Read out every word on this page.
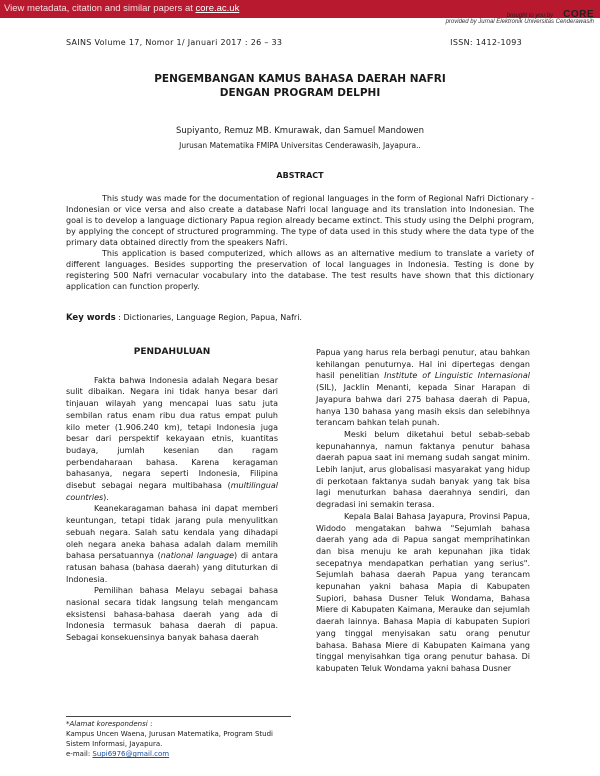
View metadata, citation and similar papers at core.ac.uk
brought to you by CORE
provided by Jurnal Elektronik Universitas Cenderawasih
SAINS Volume 17, Nomor 1/ Januari 2017 : 26 – 33	ISSN: 1412-1093
PENGEMBANGAN KAMUS BAHASA DAERAH NAFRI
DENGAN PROGRAM DELPHI
Supiyanto, Remuz MB. Kmurawak, dan Samuel Mandowen
Jurusan Matematika FMIPA Universitas Cenderawasih, Jayapura..
ABSTRACT

This study was made for the documentation of regional languages in the form of Regional Nafri Dictionary - Indonesian or vice versa and also create a database Nafri local language and its translation into Indonesian. The goal is to develop a language dictionary Papua region already became extinct. This study using the Delphi program, by applying the concept of structured programming. The type of data used in this study where the data type of the primary data obtained directly from the speakers Nafri.

This application is based computerized, which allows as an alternative medium to translate a variety of different languages. Besides supporting the preservation of local languages in Indonesia. Testing is done by registering 500 Nafri vernacular vocabulary into the database. The test results have shown that this dictionary application can function properly.

Key words : Dictionaries, Language Region, Papua, Nafri.
PENDAHULUAN

Fakta bahwa Indonesia adalah Negara besar sulit dibaikan. Negara ini tidak hanya besar dari tinjauan wilayah yang mencapai luas satu juta sembilan ratus enam ribu dua ratus empat puluh kilo meter (1.906.240 km), tetapi Indonesia juga besar dari perspektif kekayaan etnis, kuantitas budaya, jumlah kesenian dan ragam perbendaharaan bahasa. Karena keragaman bahasanya, negara seperti Indonesia, Filipina disebut sebagai negara multibahasa (multilingual countries).

Keanekaragaman bahasa ini dapat memberi keuntungan, tetapi tidak jarang pula menyulitkan sebuah negara. Salah satu kendala yang dihadapi oleh negara aneka bahasa adalah dalam memilih bahasa persatuannya (national language) di antara ratusan bahasa (bahasa daerah) yang dituturkan di Indonesia.

Pemilihan bahasa Melayu sebagai bahasa nasional secara tidak langsung telah mengancam eksistensi bahasa-bahasa daerah yang ada di Indonesia termasuk bahasa daerah di papua. Sebagai konsekuensinya banyak bahasa daerah

Papua yang harus rela berbagi penutur, atau bahkan kehilangan penuturnya. Hal ini dipertegas dengan hasil penelitian Institute of Linguistic Internasional (SIL), Jacklin Menanti, kepada Sinar Harapan di Jayapura bahwa dari 275 bahasa daerah di Papua, hanya 130 bahasa yang masih eksis dan selebihnya terancam bahkan telah punah.

Meski belum diketahui betul sebab-sebab kepunahannya, namun faktanya penutur bahasa daerah papua saat ini memang sudah sangat minim. Lebih lanjut, arus globalisasi masyarakat yang hidup di perkotaan faktanya sudah banyak yang tak bisa lagi menuturkan bahasa daerahnya sendiri, dan degradasi ini semakin terasa.

Kepala Balai Bahasa Jayapura, Provinsi Papua, Widodo mengatakan bahwa "Sejumlah bahasa daerah yang ada di Papua sangat memprihatinkan dan bisa menuju ke arah kepunahan jika tidak secepatnya mendapatkan perhatian yang serius". Sejumlah bahasa daerah Papua yang terancam kepunahan yakni bahasa Mapia di Kabupaten Supiori, bahasa Dusner Teluk Wondama, Bahasa Miere di Kabupaten Kaimana, Merauke dan sejumlah daerah lainnya. Bahasa Mapia di kabupaten Supiori yang tinggal menyisakan satu orang penutur bahasa. Bahasa Miere di Kabupaten Kaimana yang tinggal menyisahkan tiga orang penutur bahasa. Di kabupaten Teluk Wondama yakni bahasa Dusner

*Alamat korespondensi :
Kampus Uncen Waena, Jurusan Matematika, Program Studi Sistem Informasi, Jayapura.
e-mail: Supi6976@gmail.com
